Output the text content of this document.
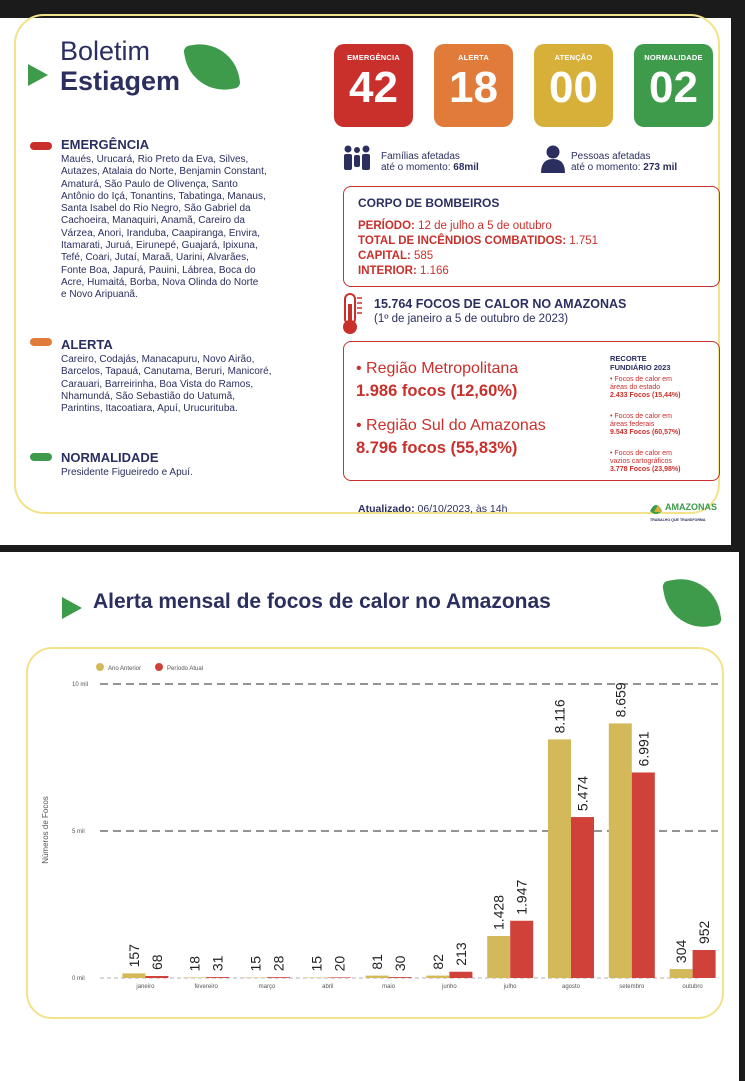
Boletim
Estiagem
EMERGÊNCIA
42
ALERTA
18
ATENÇÃO
00
NORMALIDADE
02
EMERGÊNCIA
Maués, Urucará, Rio Preto da Eva, Silves,
Autazes, Atalaia do Norte, Benjamin Constant,
Amaturá, São Paulo de Olivença, Santo
Antônio do Içá, Tonantins, Tabatinga, Manaus,
Santa Isabel do Rio Negro, São Gabriel da
Cachoeira, Manaquiri, Anamã, Careiro da
Várzea, Anori, Iranduba, Caapiranga, Envira,
Itamarati, Juruá, Eirunepé, Guajará, Ipixuna,
Tefé, Coari, Jutaí, Maraã, Uarini, Alvarães,
Fonte Boa, Japurá, Pauini, Lábrea, Boca do
Acre, Humaitá, Borba, Nova Olinda do Norte
e Novo Aripuanã.
ALERTA
Careiro, Codajás, Manacapuru, Novo Airão,
Barcelos, Tapauá, Canutama, Beruri, Manicoré,
Carauari, Barreirinha, Boa Vista do Ramos,
Nhamundá, São Sebastião do Uatumã,
Parintins, Itacoatiara, Apuí, Urucurituba.
NORMALIDADE
Presidente Figueiredo e Apuí.
Famílias afetadas
até o momento: 68mil
Pessoas afetadas
até o momento: 273 mil
CORPO DE BOMBEIROS
PERÍODO: 12 de julho a 5 de outubro
TOTAL DE INCÊNDIOS COMBATIDOS: 1.751
CAPITAL: 585
INTERIOR: 1.166
15.764 FOCOS DE CALOR NO AMAZONAS
(1º de janeiro a 5 de outubro de 2023)
• Região Metropolitana
1.986 focos (12,60%)
• Região Sul do Amazonas
8.796 focos (55,83%)
RECORTE
FUNDIÁRIO 2023
• Focos de calor em
áreas do estado
2.433 Focos (15,44%)
• Focos de calor em
áreas federais
9.543 Focos (60,57%)
• Focos de calor em
vazios cartográficos
3.778 Focos (23,98%)
Atualizado: 06/10/2023, às 14h	AMAZONAS
TRABALHO QUE TRANSFORMA
Alerta mensal de focos de calor no Amazonas
Ano Anterior	Período Atual
0 mil
5 mil
10 mil
Números de Focos
157 68
janeiro
18 31
fevereiro
15 28
março
15 20
abril
81 30
maio
82 213
junho
1.428 1.947
julho
8.116
5.474
agosto
8.659
6.991
setembro
304
952
outubro
